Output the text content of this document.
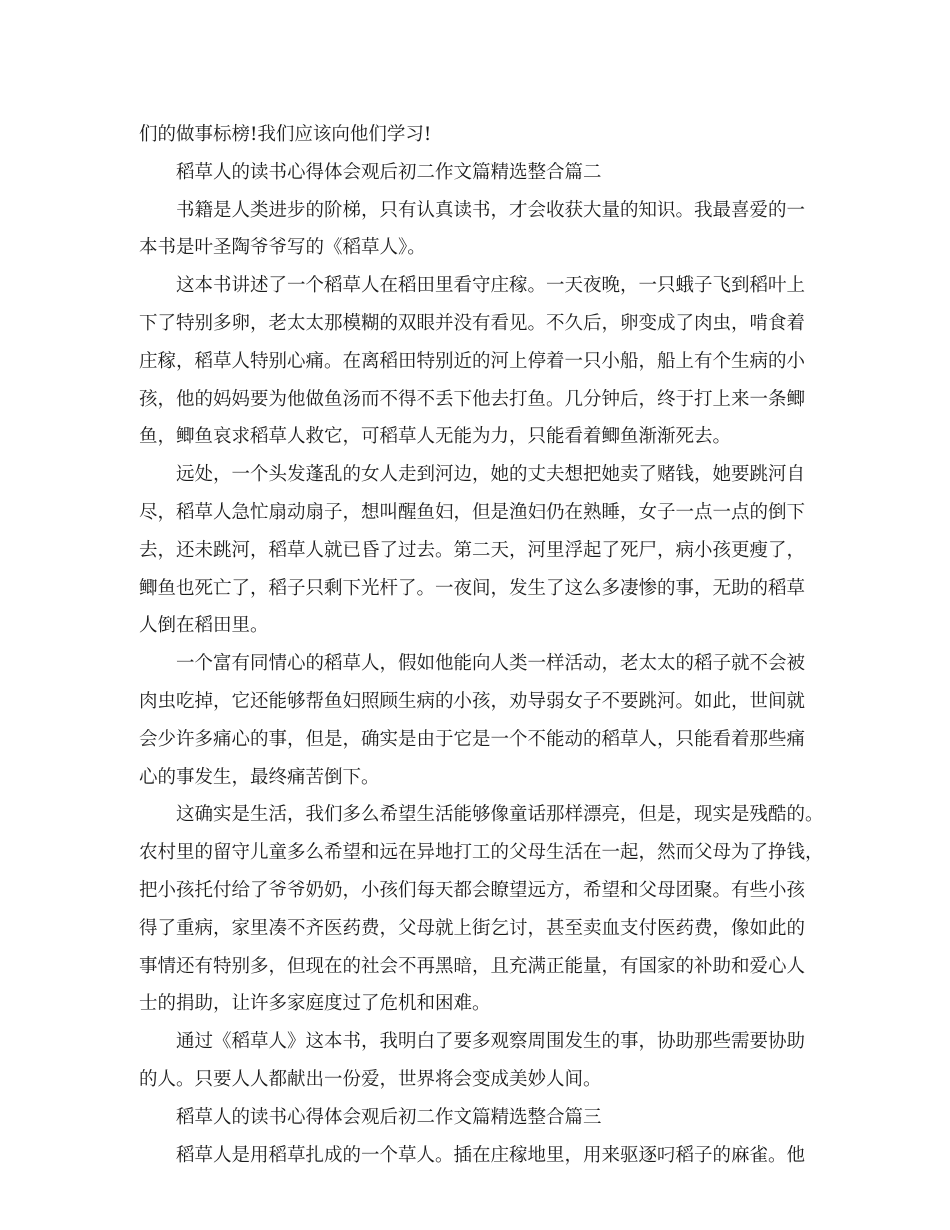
们的做事标榜!我们应该向他们学习!
稻草人的读书心得体会观后初二作文篇精选整合篇二
书籍是人类进步的阶梯，只有认真读书，才会收获大量的知识。我最喜爱的一
本书是叶圣陶爷爷写的《稻草人》。
这本书讲述了一个稻草人在稻田里看守庄稼。一天夜晚，一只蛾子飞到稻叶上
下了特别多卵，老太太那模糊的双眼并没有看见。不久后，卵变成了肉虫，啃食着
庄稼，稻草人特别心痛。在离稻田特别近的河上停着一只小船，船上有个生病的小
孩，他的妈妈要为他做鱼汤而不得不丢下他去打鱼。几分钟后，终于打上来一条鲫
鱼，鲫鱼哀求稻草人救它，可稻草人无能为力，只能看着鲫鱼渐渐死去。
远处，一个头发蓬乱的女人走到河边，她的丈夫想把她卖了赌钱，她要跳河自
尽，稻草人急忙扇动扇子，想叫醒鱼妇，但是渔妇仍在熟睡，女子一点一点的倒下
去，还未跳河，稻草人就已昏了过去。第二天，河里浮起了死尸，病小孩更瘦了，
鲫鱼也死亡了，稻子只剩下光杆了。一夜间，发生了这么多凄惨的事，无助的稻草
人倒在稻田里。
一个富有同情心的稻草人，假如他能向人类一样活动，老太太的稻子就不会被
肉虫吃掉，它还能够帮鱼妇照顾生病的小孩，劝导弱女子不要跳河。如此，世间就
会少许多痛心的事，但是，确实是由于它是一个不能动的稻草人，只能看着那些痛
心的事发生，最终痛苦倒下。
这确实是生活，我们多么希望生活能够像童话那样漂亮，但是，现实是残酷的。
农村里的留守儿童多么希望和远在异地打工的父母生活在一起，然而父母为了挣钱，
把小孩托付给了爷爷奶奶，小孩们每天都会瞭望远方，希望和父母团聚。有些小孩
得了重病，家里凑不齐医药费，父母就上街乞讨，甚至卖血支付医药费，像如此的
事情还有特别多，但现在的社会不再黑暗，且充满正能量，有国家的补助和爱心人
士的捐助，让许多家庭度过了危机和困难。
通过《稻草人》这本书，我明白了要多观察周围发生的事，协助那些需要协助
的人。只要人人都献出一份爱，世界将会变成美妙人间。
稻草人的读书心得体会观后初二作文篇精选整合篇三
稻草人是用稻草扎成的一个草人。插在庄稼地里，用来驱逐叼稻子的麻雀。他
